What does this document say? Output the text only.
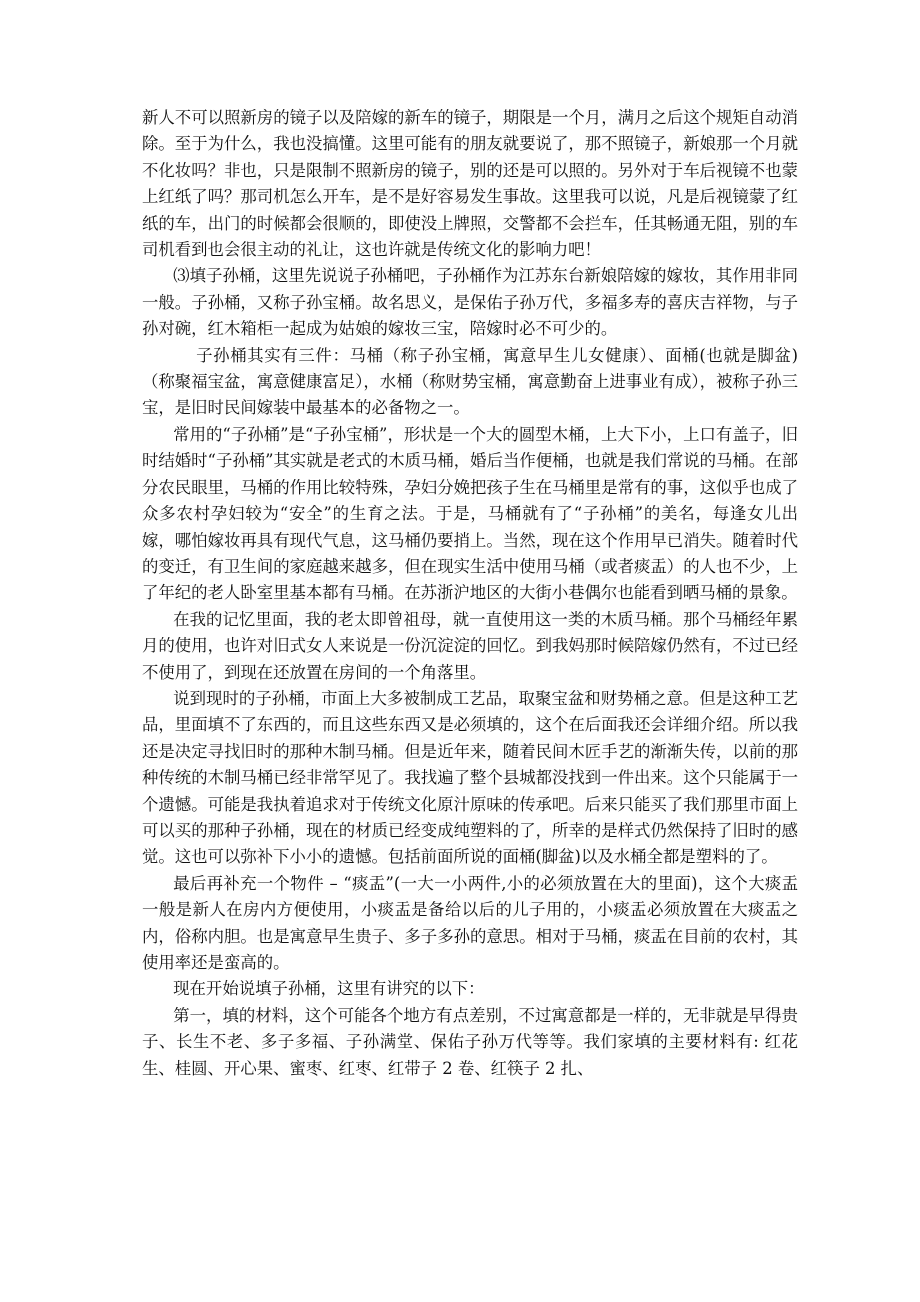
新人不可以照新房的镜子以及陪嫁的新车的镜子，期限是一个月，满月之后这个规矩自动消除。至于为什么，我也没搞懂。这里可能有的朋友就要说了，那不照镜子，新娘那一个月就不化妆吗？非也，只是限制不照新房的镜子，别的还是可以照的。另外对于车后视镜不也蒙上红纸了吗？那司机怎么开车，是不是好容易发生事故。这里我可以说，凡是后视镜蒙了红纸的车，出门的时候都会很顺的，即使没上牌照，交警都不会拦车，任其畅通无阻，别的车司机看到也会很主动的礼让，这也许就是传统文化的影响力吧！

⑶填子孙桶，这里先说说子孙桶吧，子孙桶作为江苏东台新娘陪嫁的嫁妆，其作用非同一般。子孙桶，又称子孙宝桶。故名思义，是保佑子孙万代，多福多寿的喜庆吉祥物，与子孙对碗，红木箱柜一起成为姑娘的嫁妆三宝，陪嫁时必不可少的。

子孙桶其实有三件：马桶（称子孙宝桶，寓意早生儿女健康）、面桶(也就是脚盆)（称聚福宝盆，寓意健康富足），水桶（称财势宝桶，寓意勤奋上进事业有成），被称子孙三宝，是旧时民间嫁装中最基本的必备物之一。

常用的“子孙桶”是“子孙宝桶”，形状是一个大的圆型木桶，上大下小，上口有盖子，旧时结婚时“子孙桶”其实就是老式的木质马桶，婚后当作便桶，也就是我们常说的马桶。在部分农民眼里，马桶的作用比较特殊，孕妇分娩把孩子生在马桶里是常有的事，这似乎也成了众多农村孕妇较为“安全”的生育之法。于是，马桶就有了“子孙桶”的美名，每逢女儿出嫁，哪怕嫁妆再具有现代气息，这马桶仍要捎上。当然，现在这个作用早已消失。随着时代的变迁，有卫生间的家庭越来越多，但在现实生活中使用马桶（或者痰盂）的人也不少，上了年纪的老人卧室里基本都有马桶。在苏浙沪地区的大街小巷偶尔也能看到晒马桶的景象。

在我的记忆里面，我的老太即曾祖母，就一直使用这一类的木质马桶。那个马桶经年累月的使用，也许对旧式女人来说是一份沉淀淀的回忆。到我妈那时候陪嫁仍然有，不过已经不使用了，到现在还放置在房间的一个角落里。

说到现时的子孙桶，市面上大多被制成工艺品，取聚宝盆和财势桶之意。但是这种工艺品，里面填不了东西的，而且这些东西又是必须填的，这个在后面我还会详细介绍。所以我还是决定寻找旧时的那种木制马桶。但是近年来，随着民间木匠手艺的渐渐失传，以前的那种传统的木制马桶已经非常罕见了。我找遍了整个县城都没找到一件出来。这个只能属于一个遗憾。可能是我执着追求对于传统文化原汁原味的传承吧。后来只能买了我们那里市面上可以买的那种子孙桶，现在的材质已经变成纯塑料的了，所幸的是样式仍然保持了旧时的感觉。这也可以弥补下小小的遗憾。包括前面所说的面桶(脚盆)以及水桶全都是塑料的了。

最后再补充一个物件 – “痰盂”(一大一小两件,小的必须放置在大的里面)，这个大痰盂一般是新人在房内方便使用，小痰盂是备给以后的儿子用的，小痰盂必须放置在大痰盂之内，俗称内胆。也是寓意早生贵子、多子多孙的意思。相对于马桶，痰盂在目前的农村，其使用率还是蛮高的。

现在开始说填子孙桶，这里有讲究的以下：

第一，填的材料，这个可能各个地方有点差别，不过寓意都是一样的，无非就是早得贵子、长生不老、多子多福、子孙满堂、保佑子孙万代等等。我们家填的主要材料有: 红花生、桂圆、开心果、蜜枣、红枣、红带子 2 卷、红筷子 2 扎、
